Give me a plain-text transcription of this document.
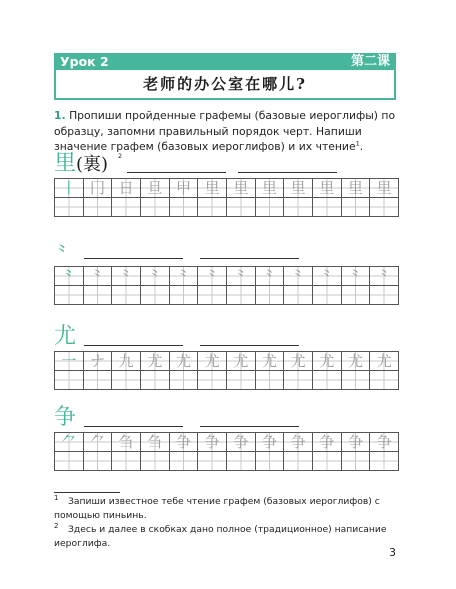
Урок 2	第二课
老师的办公室在哪儿?
1. Пропиши пройденные графемы (базовые иероглифы) по образцу, запомни правильный порядок черт. Напиши значение графем (базовых иероглифов) и их чтение$^1$.
里(裏) 2
丨 冂 日 旦 甲 里 里 里 里 里 里 里
⺀
⺀ ⺀ ⺀ ⺀ ⺀ ⺀ ⺀ ⺀ ⺀ ⺀ ⺀ ⺀
尤
一 ナ 九 尤 尤 尤 尤 尤 尤 尤 尤 尤
争
⺈ ⺈ 刍 刍 争 争 争 争 争 争 争 争
1 Запиши известное тебе чтение графем (базовых иероглифов) с помощью пиньинь.
2 Здесь и далее в скобках дано полное (традиционное) написание иероглифа.
3
